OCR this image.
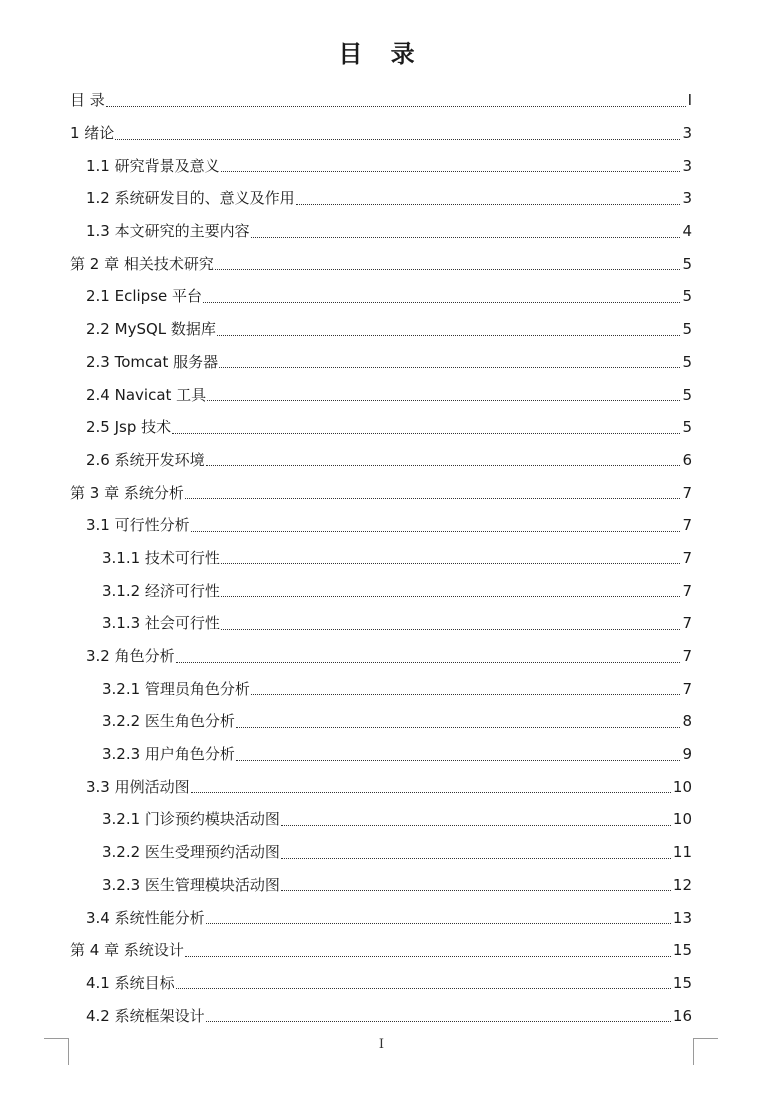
目 录
目 录	I
1 绪论	3
1.1 研究背景及意义	3
1.2 系统研发目的、意义及作用	3
1.3 本文研究的主要内容	4
第 2 章 相关技术研究	5
2.1 Eclipse 平台	5
2.2 MySQL 数据库	5
2.3 Tomcat 服务器	5
2.4 Navicat 工具	5
2.5 Jsp 技术	5
2.6 系统开发环境	6
第 3 章 系统分析	7
3.1 可行性分析	7
3.1.1 技术可行性	7
3.1.2 经济可行性	7
3.1.3 社会可行性	7
3.2 角色分析	7
3.2.1 管理员角色分析	7
3.2.2 医生角色分析	8
3.2.3 用户角色分析	9
3.3 用例活动图	10
3.2.1 门诊预约模块活动图	10
3.2.2 医生受理预约活动图	11
3.2.3 医生管理模块活动图	12
3.4 系统性能分析	13
第 4 章 系统设计	15
4.1 系统目标	15
4.2 系统框架设计	16
I
